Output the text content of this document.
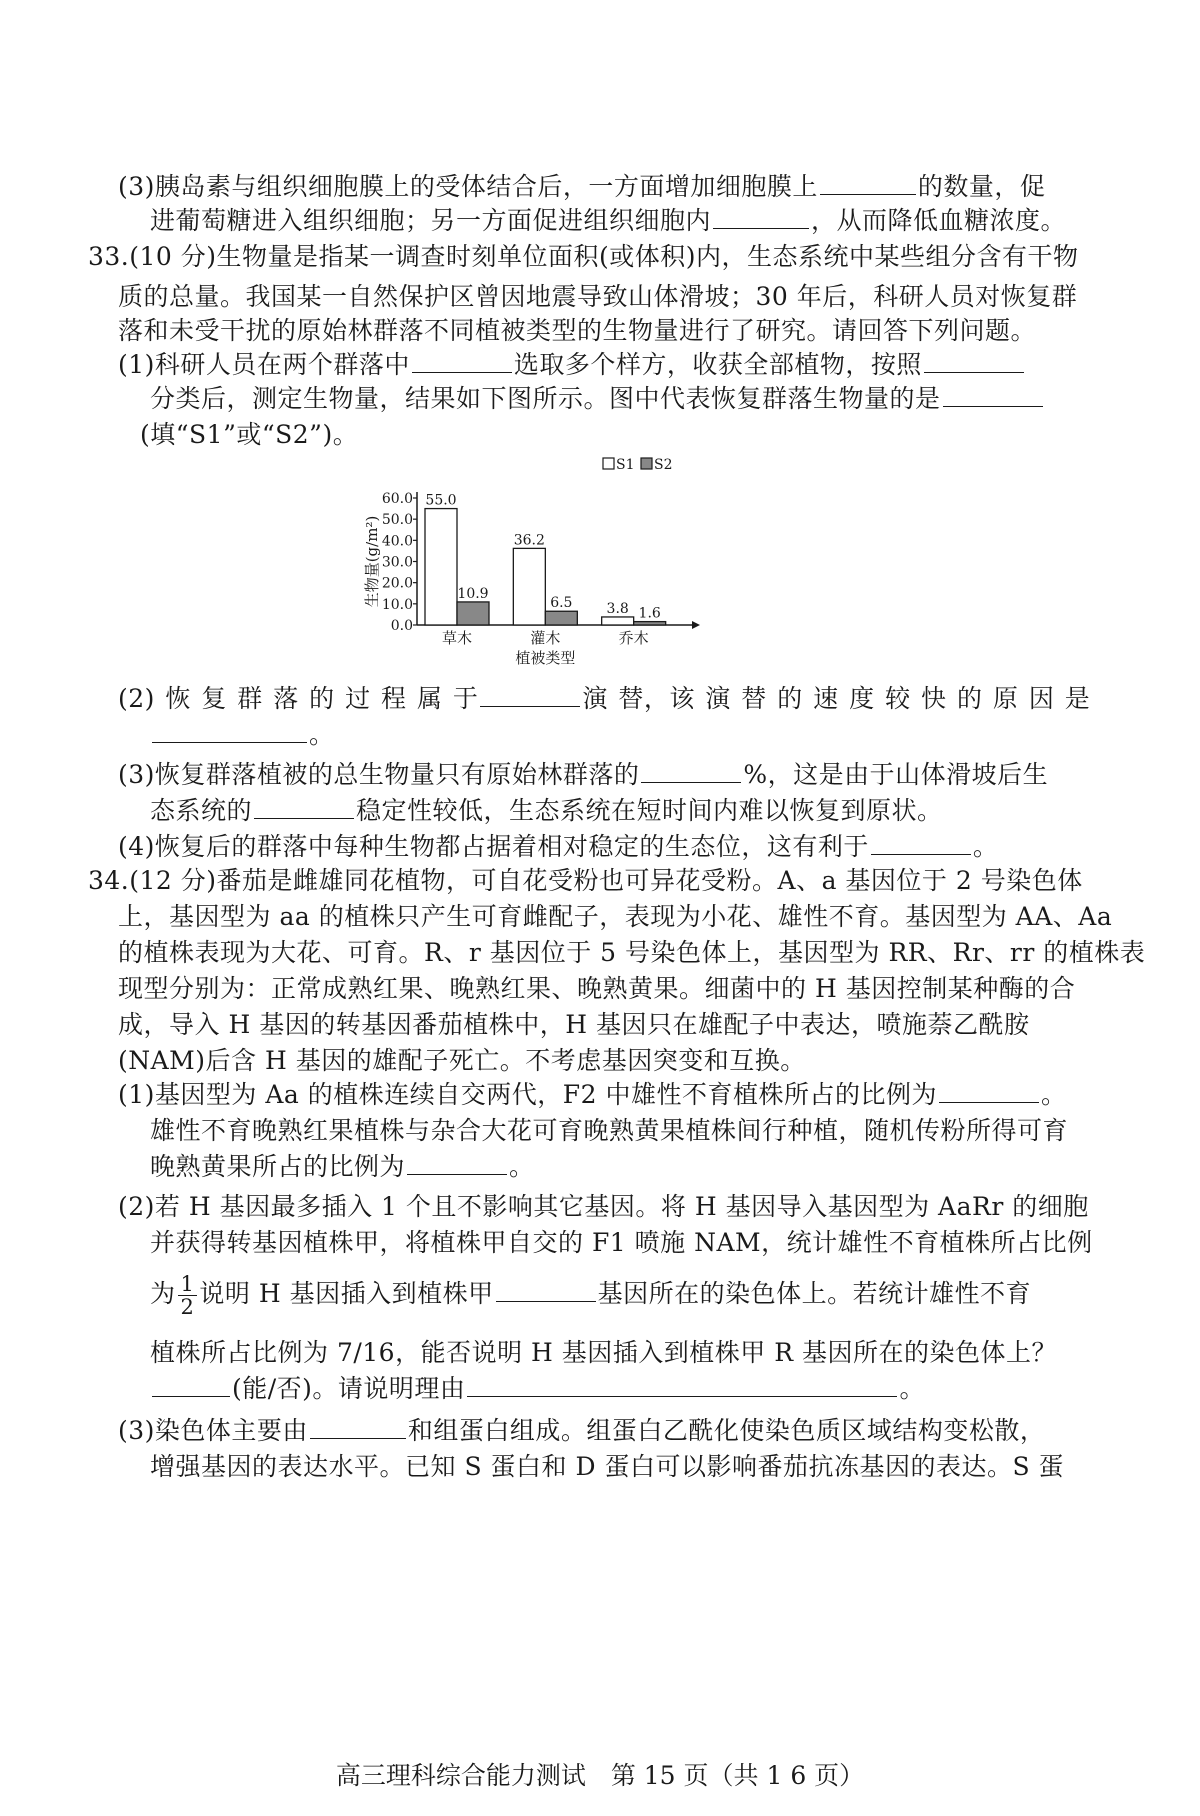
(3)胰岛素与组织细胞膜上的受体结合后，一方面增加细胞膜上	的数量，促
进葡萄糖进入组织细胞；另一方面促进组织细胞内	，从而降低血糖浓度。
33.(10 分)生物量是指某一调查时刻单位面积(或体积)内，生态系统中某些组分含有干物
质的总量。我国某一自然保护区曾因地震导致山体滑坡；30 年后，科研人员对恢复群
落和未受干扰的原始林群落不同植被类型的生物量进行了研究。请回答下列问题。
(1)科研人员在两个群落中	选取多个样方，收获全部植物，按照
分类后，测定生物量，结果如下图所示。图中代表恢复群落生物量的是
(填“S1”或“S2”)。
S1 S2
0.0
10.0
20.0
30.0
40.0
50.0
60.0
生物量(g/m²)
草木	灌木	乔木
植被类型
55.0
10.9
36.2
6.5 3.8 1.6
(2) 恢 复 群 落 的 过 程 属 于	演 替，该 演 替 的 速 度 较 快 的 原 因 是
。
(3)恢复群落植被的总生物量只有原始林群落的	%，这是由于山体滑坡后生
态系统的	稳定性较低，生态系统在短时间内难以恢复到原状。
(4)恢复后的群落中每种生物都占据着相对稳定的生态位，这有利于	。
34.(12 分)番茄是雌雄同花植物，可自花受粉也可异花受粉。A、a 基因位于 2 号染色体
上，基因型为 aa 的植株只产生可育雌配子，表现为小花、雄性不育。基因型为 AA、Aa
的植株表现为大花、可育。R、r 基因位于 5 号染色体上，基因型为 RR、Rr、rr 的植株表
现型分别为：正常成熟红果、晚熟红果、晚熟黄果。细菌中的 H 基因控制某种酶的合
成，导入 H 基因的转基因番茄植株中，H 基因只在雄配子中表达，喷施萘乙酰胺
(NAM)后含 H 基因的雄配子死亡。不考虑基因突变和互换。
(1)基因型为 Aa 的植株连续自交两代，F2 中雄性不育植株所占的比例为	。
雄性不育晚熟红果植株与杂合大花可育晚熟黄果植株间行种植，随机传粉所得可育
晚熟黄果所占的比例为	。
(2)若 H 基因最多插入 1 个且不影响其它基因。将 H 基因导入基因型为 AaRr 的细胞
并获得转基因植株甲，将植株甲自交的 F1 喷施 NAM，统计雄性不育植株所占比例
为 $\frac{1}{2}$ 说明 H 基因插入到植株甲	基因所在的染色体上。若统计雄性不育
植株所占比例为 7/16，能否说明 H 基因插入到植株甲 R 基因所在的染色体上？
(能/否)。请说明理由	。
(3)染色体主要由	和组蛋白组成。组蛋白乙酰化使染色质区域结构变松散，
增强基因的表达水平。已知 S 蛋白和 D 蛋白可以影响番茄抗冻基因的表达。S 蛋
高三理科综合能力测试　第 15 页（共 1 6 页）
